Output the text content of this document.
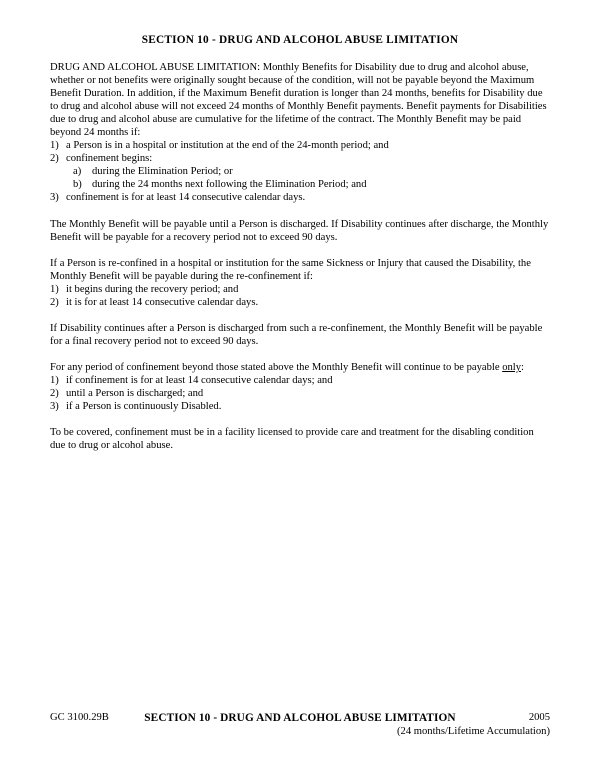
SECTION 10 - DRUG AND ALCOHOL ABUSE LIMITATION

DRUG AND ALCOHOL ABUSE LIMITATION: Monthly Benefits for Disability due to drug and alcohol abuse, whether or not benefits were originally sought because of the condition, will not be payable beyond the Maximum Benefit Duration. In addition, if the Maximum Benefit duration is longer than 24 months, benefits for Disability due to drug and alcohol abuse will not exceed 24 months of Monthly Benefit payments. Benefit payments for Disabilities due to drug and alcohol abuse are cumulative for the lifetime of the contract. The Monthly Benefit may be paid beyond 24 months if:

1) a Person is in a hospital or institution at the end of the 24-month period; and
2) confinement begins:
a)	during the Elimination Period; or
b) during the 24 months next following the Elimination Period; and
3) confinement is for at least 14 consecutive calendar days.

The Monthly Benefit will be payable until a Person is discharged. If Disability continues after discharge, the Monthly Benefit will be payable for a recovery period not to exceed 90 days.

If a Person is re-confined in a hospital or institution for the same Sickness or Injury that caused the Disability, the Monthly Benefit will be payable during the re-confinement if:

1) it begins during the recovery period; and
2) it is for at least 14 consecutive calendar days.

If Disability continues after a Person is discharged from such a re-confinement, the Monthly Benefit will be payable for a final recovery period not to exceed 90 days.

For any period of confinement beyond those stated above the Monthly Benefit will continue to be payable only:

1) if confinement is for at least 14 consecutive calendar days; and
2) until a Person is discharged; and
3) if a Person is continuously Disabled.

To be covered, confinement must be in a facility licensed to provide care and treatment for the disabling condition due to drug or alcohol abuse.

GC 3100.29B	SECTION 10 - DRUG AND ALCOHOL ABUSE LIMITATION	2005
(24 months/Lifetime Accumulation)
